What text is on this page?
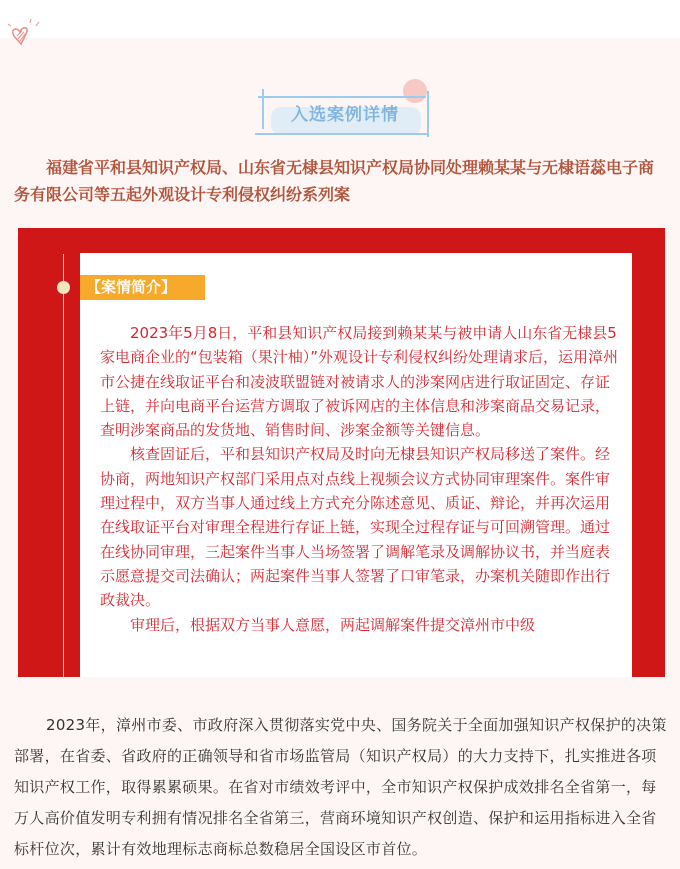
入选案例详情

福建省平和县知识产权局、山东省无棣县知识产权局协同处理赖某某与无棣语蕊电子商务有限公司等五起外观设计专利侵权纠纷系列案

【案情简介】

2023年5月8日，平和县知识产权局接到赖某某与被申请人山东省无棣县5家电商企业的“包装箱（果汁柚）”外观设计专利侵权纠纷处理请求后，运用漳州市公捷在线取证平台和凌波联盟链对被请求人的涉案网店进行取证固定、存证上链，并向电商平台运营方调取了被诉网店的主体信息和涉案商品交易记录，查明涉案商品的发货地、销售时间、涉案金额等关键信息。

核查固证后，平和县知识产权局及时向无棣县知识产权局移送了案件。经协商，两地知识产权部门采用点对点线上视频会议方式协同审理案件。案件审理过程中，双方当事人通过线上方式充分陈述意见、质证、辩论，并再次运用在线取证平台对审理全程进行存证上链，实现全过程存证与可回溯管理。通过在线协同审理，三起案件当事人当场签署了调解笔录及调解协议书，并当庭表示愿意提交司法确认；两起案件当事人签署了口审笔录，办案机关随即作出行政裁决。

审理后，根据双方当事人意愿，两起调解案件提交漳州市中级

2023年，漳州市委、市政府深入贯彻落实党中央、国务院关于全面加强知识产权保护的决策部署，在省委、省政府的正确领导和省市场监管局（知识产权局）的大力支持下，扎实推进各项知识产权工作，取得累累硕果。在省对市绩效考评中，全市知识产权保护成效排名全省第一，每万人高价值发明专利拥有情况排名全省第三，营商环境知识产权创造、保护和运用指标进入全省标杆位次，累计有效地理标志商标总数稳居全国设区市首位。
